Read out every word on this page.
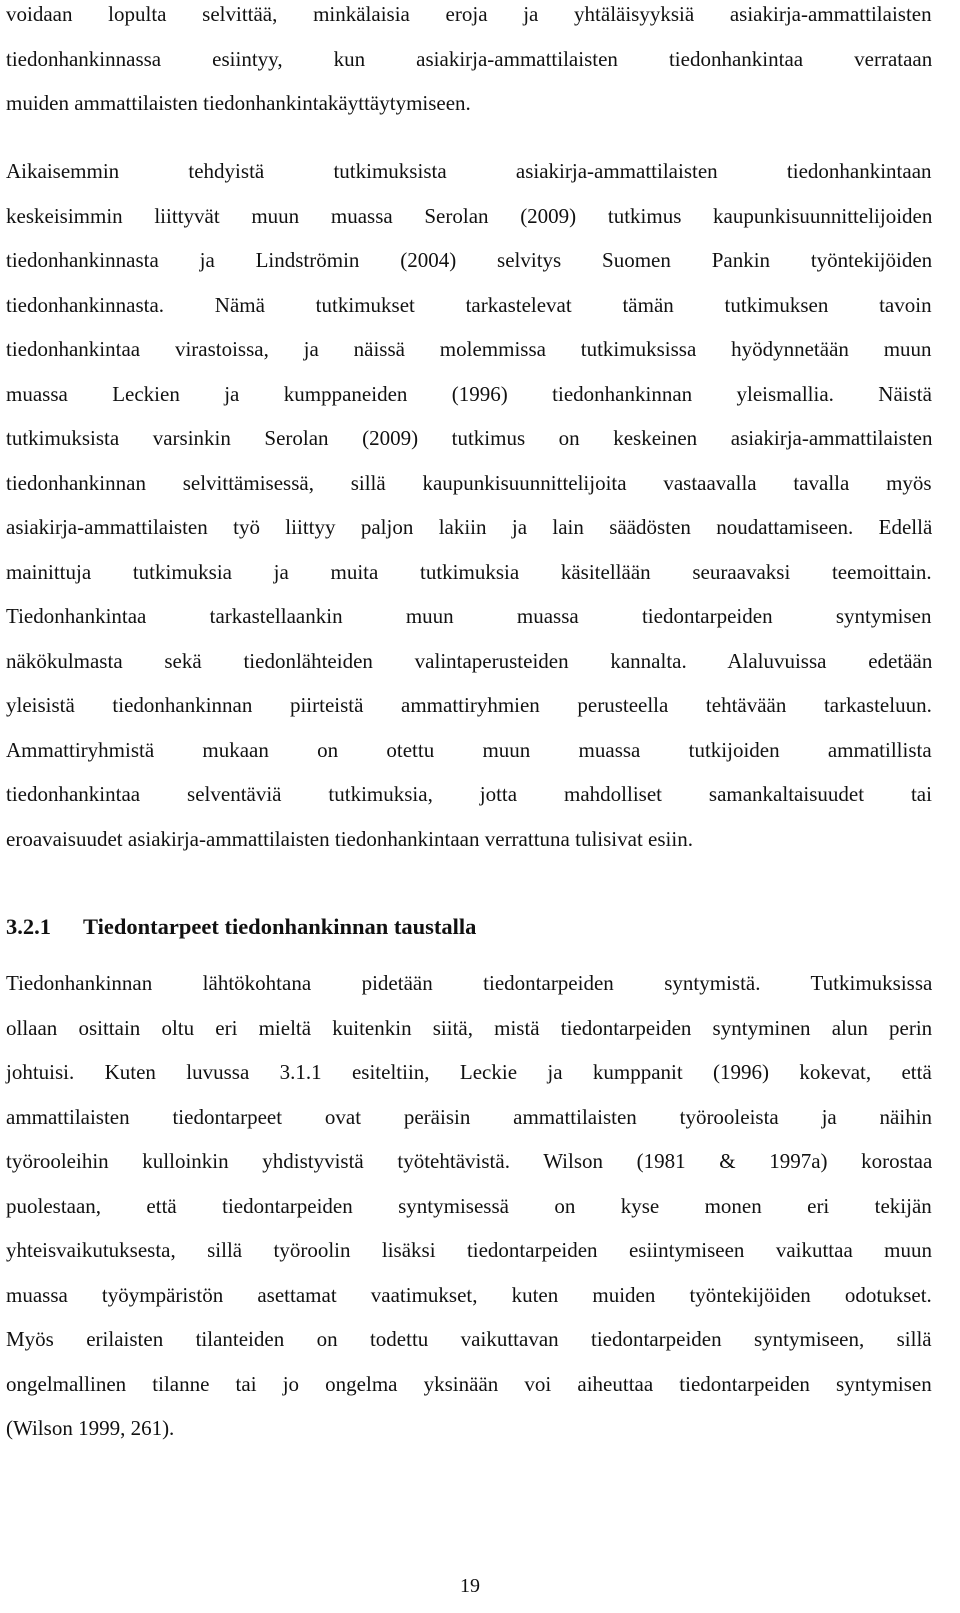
voidaan lopulta selvittää, minkälaisia eroja ja yhtäläisyyksiä asiakirja-ammattilaisten
tiedonhankinnassa esiintyy, kun asiakirja-ammattilaisten tiedonhankintaa verrataan
muiden ammattilaisten tiedonhankintakäyttäytymiseen.
Aikaisemmin tehdyistä tutkimuksista asiakirja-ammattilaisten tiedonhankintaan
keskeisimmin liittyvät muun muassa Serolan (2009) tutkimus kaupunkisuunnittelijoiden
tiedonhankinnasta ja Lindströmin (2004) selvitys Suomen Pankin työntekijöiden
tiedonhankinnasta. Nämä tutkimukset tarkastelevat tämän tutkimuksen tavoin
tiedonhankintaa virastoissa, ja näissä molemmissa tutkimuksissa hyödynnetään muun
muassa Leckien ja kumppaneiden (1996) tiedonhankinnan yleismallia. Näistä
tutkimuksista varsinkin Serolan (2009) tutkimus on keskeinen asiakirja-ammattilaisten
tiedonhankinnan selvittämisessä, sillä kaupunkisuunnittelijoita vastaavalla tavalla myös
asiakirja-ammattilaisten työ liittyy paljon lakiin ja lain säädösten noudattamiseen. Edellä
mainittuja tutkimuksia ja muita tutkimuksia käsitellään seuraavaksi teemoittain.
Tiedonhankintaa tarkastellaankin muun muassa tiedontarpeiden syntymisen
näkökulmasta sekä tiedonlähteiden valintaperusteiden kannalta. Alaluvuissa edetään
yleisistä tiedonhankinnan piirteistä ammattiryhmien perusteella tehtävään tarkasteluun.
Ammattiryhmistä mukaan on otettu muun muassa tutkijoiden ammatillista
tiedonhankintaa selventäviä tutkimuksia, jotta mahdolliset samankaltaisuudet tai
eroavaisuudet asiakirja-ammattilaisten tiedonhankintaan verrattuna tulisivat esiin.
3.2.1 Tiedontarpeet tiedonhankinnan taustalla
Tiedonhankinnan lähtökohtana pidetään tiedontarpeiden syntymistä. Tutkimuksissa
ollaan osittain oltu eri mieltä kuitenkin siitä, mistä tiedontarpeiden syntyminen alun perin
johtuisi. Kuten luvussa 3.1.1 esiteltiin, Leckie ja kumppanit (1996) kokevat, että
ammattilaisten tiedontarpeet ovat peräisin ammattilaisten työrooleista ja näihin
työrooleihin kulloinkin yhdistyvistä työtehtävistä. Wilson (1981 & 1997a) korostaa
puolestaan, että tiedontarpeiden syntymisessä on kyse monen eri tekijän
yhteisvaikutuksesta, sillä työroolin lisäksi tiedontarpeiden esiintymiseen vaikuttaa muun
muassa työympäristön asettamat vaatimukset, kuten muiden työntekijöiden odotukset.
Myös erilaisten tilanteiden on todettu vaikuttavan tiedontarpeiden syntymiseen, sillä
ongelmallinen tilanne tai jo ongelma yksinään voi aiheuttaa tiedontarpeiden syntymisen
(Wilson 1999, 261).
19
